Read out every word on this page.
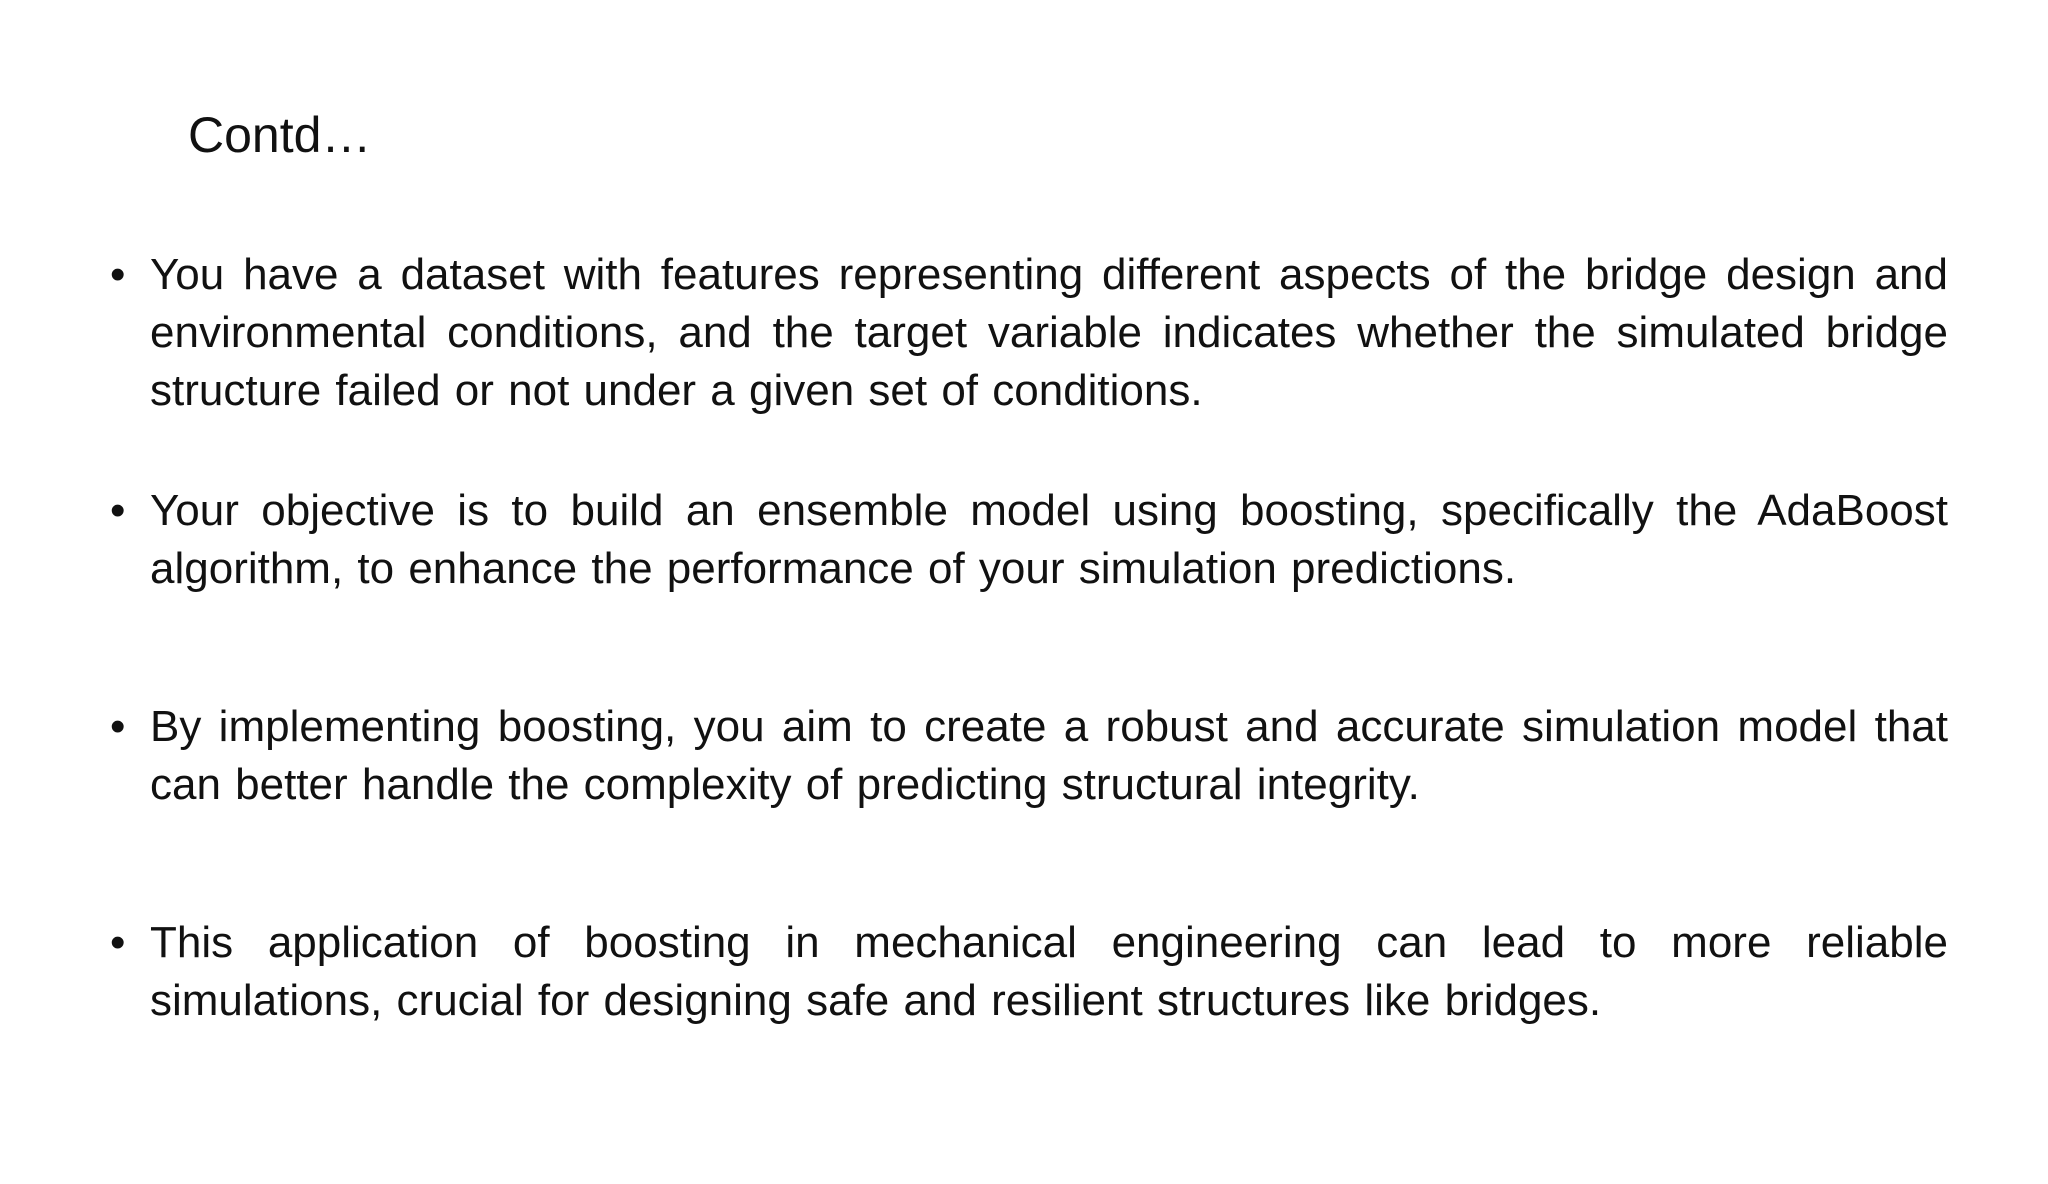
Contd…
• You have a dataset with features representing different aspects of the bridge design and environmental conditions, and the target variable indicates whether the simulated bridge structure failed or not under a given set of conditions.
• Your objective is to build an ensemble model using boosting, specifically the AdaBoost algorithm, to enhance the performance of your simulation predictions.
• By implementing boosting, you aim to create a robust and accurate simulation model that can better handle the complexity of predicting structural integrity.
• This application of boosting in mechanical engineering can lead to more reliable simulations, crucial for designing safe and resilient structures like bridges.
